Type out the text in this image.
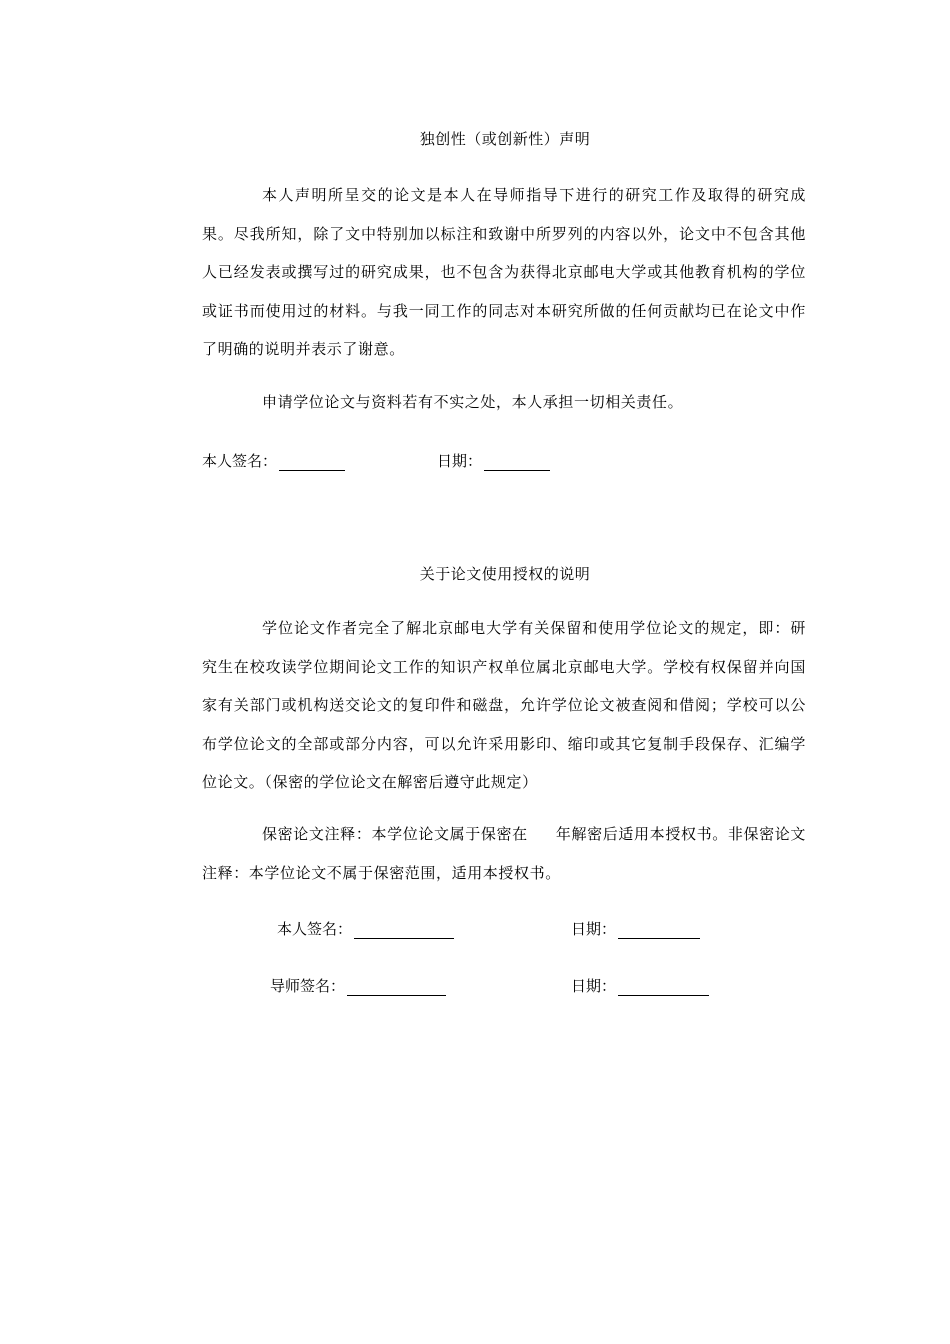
独创性（或创新性）声明
本人声明所呈交的论文是本人在导师指导下进行的研究工作及取得的研究成果。尽我所知，除了文中特别加以标注和致谢中所罗列的内容以外，论文中不包含其他人已经发表或撰写过的研究成果，也不包含为获得北京邮电大学或其他教育机构的学位或证书而使用过的材料。与我一同工作的同志对本研究所做的任何贡献均已在论文中作了明确的说明并表示了谢意。
申请学位论文与资料若有不实之处，本人承担一切相关责任。
本人签名：	日期：
关于论文使用授权的说明
学位论文作者完全了解北京邮电大学有关保留和使用学位论文的规定，即：研究生在校攻读学位期间论文工作的知识产权单位属北京邮电大学。学校有权保留并向国家有关部门或机构送交论文的复印件和磁盘，允许学位论文被查阅和借阅；学校可以公布学位论文的全部或部分内容，可以允许采用影印、缩印或其它复制手段保存、汇编学位论文。（保密的学位论文在解密后遵守此规定）
保密论文注释：本学位论文属于保密在 年解密后适用本授权书。非保密论文注释：本学位论文不属于保密范围，适用本授权书。
本人签名：	日期：
导师签名：	日期：
